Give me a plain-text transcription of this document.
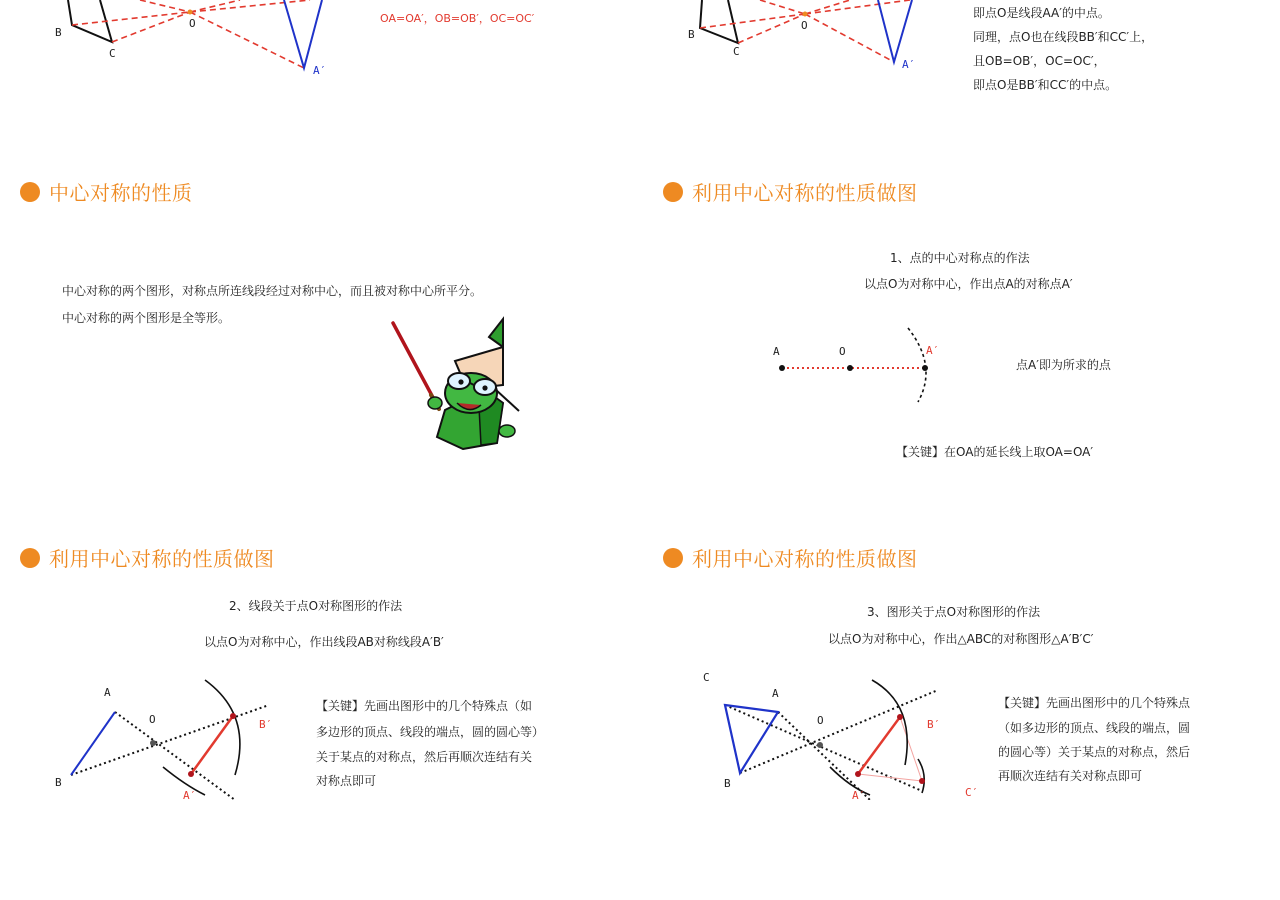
B
C
O
A′
OA=OA′，OB=OB′，OC=OC′
B
C
O
A′
即点O是线段AA′的中点。
同理，点O也在线段BB′和CC′上，
且OB=OB′，OC=OC′，
即点O是BB′和CC′的中点。
中心对称的性质
中心对称的两个图形，对称点所连线段经过对称中心，而且被对称中心所平分。
中心对称的两个图形是全等形。
利用中心对称的性质做图
1、点的中心对称点的作法
以点O为对称中心，作出点A的对称点A′
A	O	A′
点A′即为所求的点
【关键】在OA的延长线上取OA=OA′
利用中心对称的性质做图
2、线段关于点O对称图形的作法
以点O为对称中心，作出线段AB对称线段A′B′
A
B
O	B′
A′
【关键】先画出图形中的几个特殊点（如
多边形的顶点、线段的端点，圆的圆心等）
关于某点的对称点，然后再顺次连结有关
对称点即可
利用中心对称的性质做图
3、图形关于点O对称图形的作法
以点O为对称中心，作出△ABC的对称图形△A′B′C′
C
A
B
O	B′
A′	C′
【关键】先画出图形中的几个特殊点
（如多边形的顶点、线段的端点，圆
的圆心等）关于某点的对称点，然后
再顺次连结有关对称点即可
